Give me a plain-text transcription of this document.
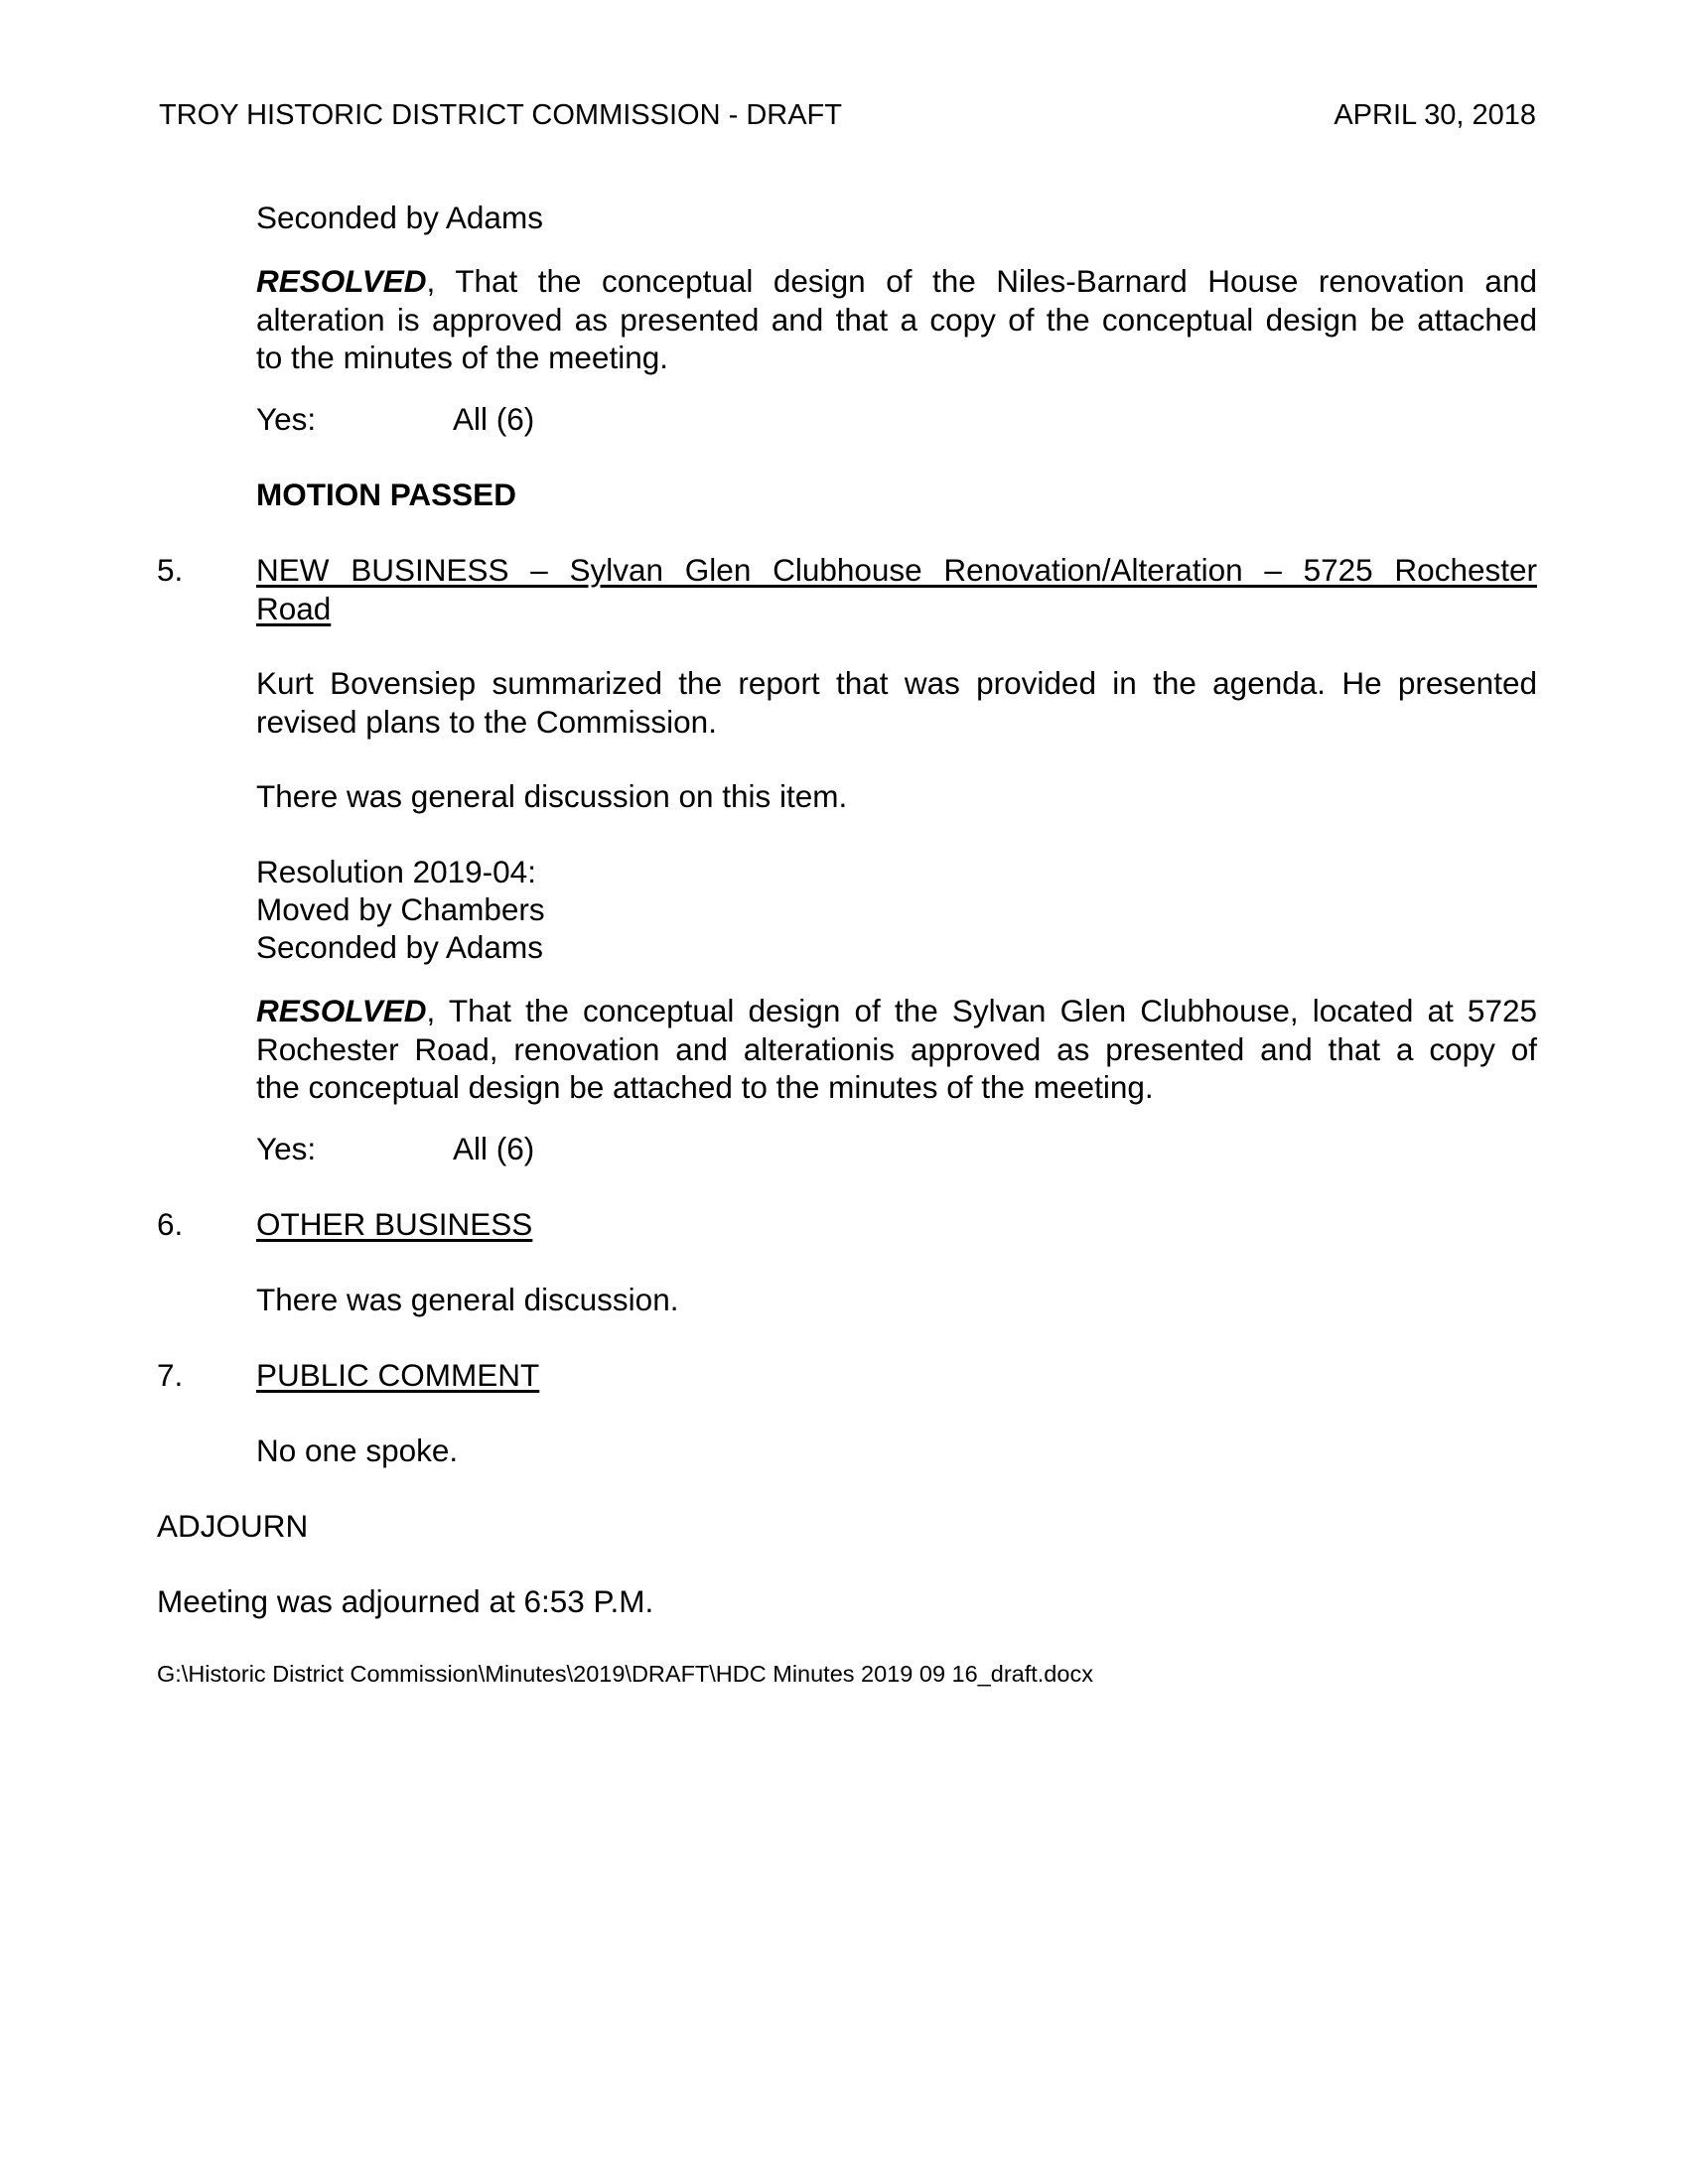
TROY HISTORIC DISTRICT COMMISSION - DRAFT	APRIL 30, 2018
Seconded by Adams
RESOLVED, That the conceptual design of the Niles-Barnard House renovation and
alteration is approved as presented and that a copy of the conceptual design be attached
to the minutes of the meeting.
Yes:	All (6)
MOTION PASSED
5. NEW BUSINESS – Sylvan Glen Clubhouse Renovation/Alteration – 5725 Rochester
Road
Kurt Bovensiep summarized the report that was provided in the agenda. He presented
revised plans to the Commission.
There was general discussion on this item.
Resolution 2019-04:
Moved by Chambers
Seconded by Adams
RESOLVED, That the conceptual design of the Sylvan Glen Clubhouse, located at 5725
Rochester Road, renovation and alterationis approved as presented and that a copy of
the conceptual design be attached to the minutes of the meeting.
Yes:	All (6)
6. OTHER BUSINESS
There was general discussion.
7. PUBLIC COMMENT
No one spoke.
ADJOURN
Meeting was adjourned at 6:53 P.M.
G:\Historic District Commission\Minutes\2019\DRAFT\HDC Minutes 2019 09 16_draft.docx
